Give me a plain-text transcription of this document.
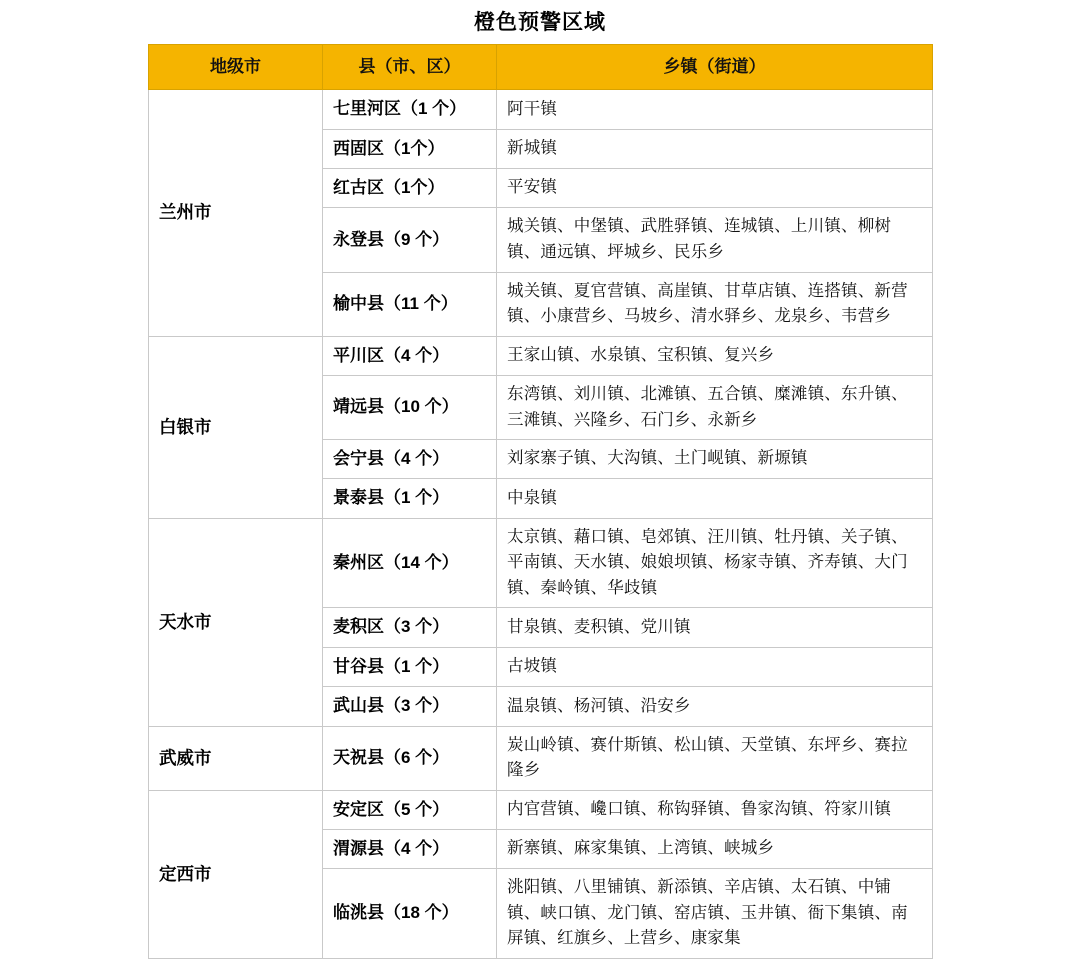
橙色预警区域
地级市	县（市、区）	乡镇（街道）
兰州市	七里河区（1 个）	阿干镇
	西固区（1个）	新城镇
	红古区（1个）	平安镇
	永登县（9 个）	城关镇、中堡镇、武胜驿镇、连城镇、上川镇、柳树镇、通远镇、坪城乡、民乐乡
	榆中县（11 个）	城关镇、夏官营镇、高崖镇、甘草店镇、连搭镇、新营镇、小康营乡、马坡乡、清水驿乡、龙泉乡、韦营乡
白银市	平川区（4 个）	王家山镇、水泉镇、宝积镇、复兴乡
	靖远县（10 个）	东湾镇、刘川镇、北滩镇、五合镇、糜滩镇、东升镇、三滩镇、兴隆乡、石门乡、永新乡
	会宁县（4 个）	刘家寨子镇、大沟镇、土门岘镇、新塬镇
	景泰县（1 个）	中泉镇
天水市	秦州区（14 个）	太京镇、藉口镇、皂郊镇、汪川镇、牡丹镇、关子镇、平南镇、天水镇、娘娘坝镇、杨家寺镇、齐寿镇、大门镇、秦岭镇、华歧镇
	麦积区（3 个）	甘泉镇、麦积镇、党川镇
	甘谷县（1 个）	古坡镇
	武山县（3 个）	温泉镇、杨河镇、沿安乡
武威市	天祝县（6 个）	炭山岭镇、赛什斯镇、松山镇、天堂镇、东坪乡、赛拉隆乡
定西市	安定区（5 个）	内官营镇、巉口镇、称钩驿镇、鲁家沟镇、符家川镇
	渭源县（4 个）	新寨镇、麻家集镇、上湾镇、峡城乡
	临洮县（18 个）	洮阳镇、八里铺镇、新添镇、辛店镇、太石镇、中铺镇、峡口镇、龙门镇、窑店镇、玉井镇、衙下集镇、南屏镇、红旗乡、上营乡、康家集
